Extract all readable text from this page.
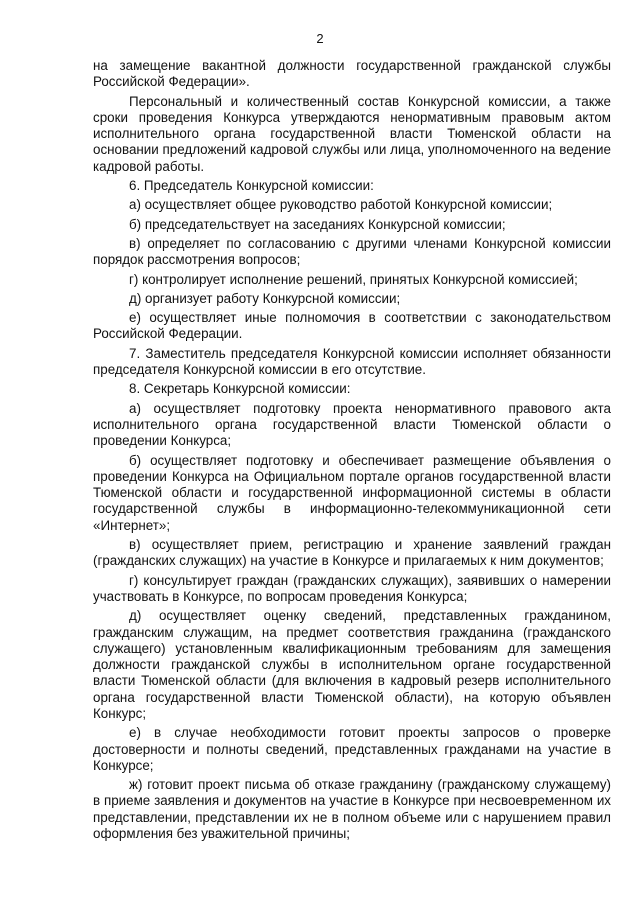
2

на замещение вакантной должности государственной гражданской службы Российской Федерации».

Персональный и количественный состав Конкурсной комиссии, а также сроки проведения Конкурса утверждаются ненормативным правовым актом исполнительного органа государственной власти Тюменской области на основании предложений кадровой службы или лица, уполномоченного на ведение кадровой работы.

6. Председатель Конкурсной комиссии:

а) осуществляет общее руководство работой Конкурсной комиссии;

б) председательствует на заседаниях Конкурсной комиссии;

в) определяет по согласованию с другими членами Конкурсной комиссии порядок рассмотрения вопросов;

г) контролирует исполнение решений, принятых Конкурсной комиссией;

д) организует работу Конкурсной комиссии;

е) осуществляет иные полномочия в соответствии с законодательством Российской Федерации.

7. Заместитель председателя Конкурсной комиссии исполняет обязанности председателя Конкурсной комиссии в его отсутствие.

8. Секретарь Конкурсной комиссии:

а) осуществляет подготовку проекта ненормативного правового акта исполнительного органа государственной власти Тюменской области о проведении Конкурса;

б) осуществляет подготовку и обеспечивает размещение объявления о проведении Конкурса на Официальном портале органов государственной власти Тюменской области и государственной информационной системы в области государственной службы в информационно-телекоммуникационной сети «Интернет»;

в) осуществляет прием, регистрацию и хранение заявлений граждан (гражданских служащих) на участие в Конкурсе и прилагаемых к ним документов;

г) консультирует граждан (гражданских служащих), заявивших о намерении участвовать в Конкурсе, по вопросам проведения Конкурса;

д) осуществляет оценку сведений, представленных гражданином, гражданским служащим, на предмет соответствия гражданина (гражданского служащего) установленным квалификационным требованиям для замещения должности гражданской службы в исполнительном органе государственной власти Тюменской области (для включения в кадровый резерв исполнительного органа государственной власти Тюменской области), на которую объявлен Конкурс;

е) в случае необходимости готовит проекты запросов о проверке достоверности и полноты сведений, представленных гражданами на участие в Конкурсе;

ж) готовит проект письма об отказе гражданину (гражданскому служащему) в приеме заявления и документов на участие в Конкурсе при несвоевременном их представлении, представлении их не в полном объеме или с нарушением правил оформления без уважительной причины;
